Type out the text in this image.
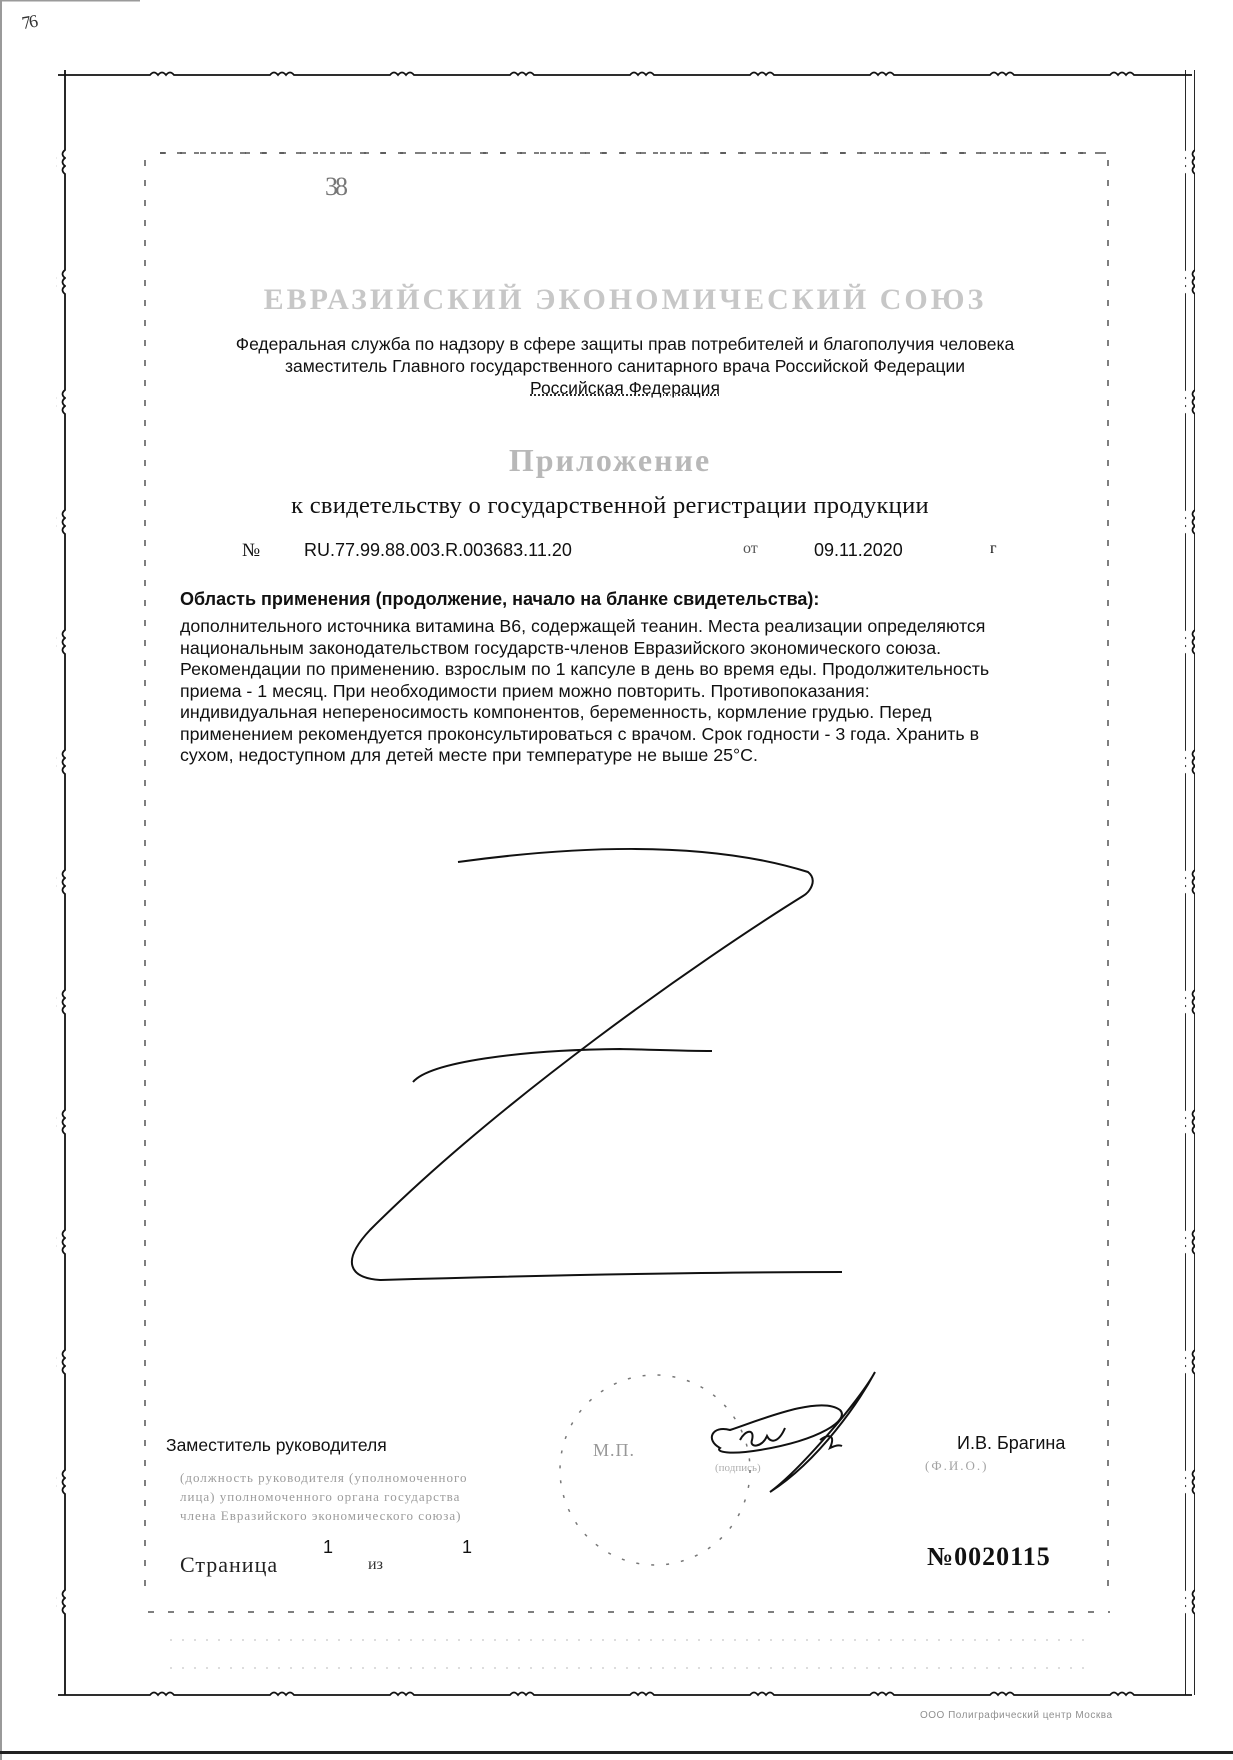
76
38
ЕВРАЗИЙСКИЙ ЭКОНОМИЧЕСКИЙ СОЮЗ
Федеральная служба по надзору в сфере защиты прав потребителей и благополучия человека
заместитель Главного государственного санитарного врача Российской Федерации
Российская Федерация
Приложение
к свидетельству о государственной регистрации продукции
№ RU.77.99.88.003.R.003683.11.20	от	09.11.2020	г
Область применения (продолжение, начало на бланке свидетельства):
дополнительного источника витамина B6, содержащей теанин. Места реализации определяются
национальным законодательством государств-членов Евразийского экономического союза.
Рекомендации по применению. взрослым по 1 капсуле в день во время еды. Продолжительность
приема - 1 месяц. При необходимости прием можно повторить. Противопоказания:
индивидуальная непереносимость компонентов, беременность, кормление грудью. Перед
применением рекомендуется проконсультироваться с врачом. Срок годности - 3 года. Хранить в
сухом, недоступном для детей месте при температуре не выше 25°C.
Заместитель руководителя
(должность руководителя (уполномоченного
лица) уполномоченного органа государства
члена Евразийского экономического союза)
М.П.
(подпись)
И.В. Брагина
(Ф.И.О.)
Страница
1
из
1	№0020115
ООО Полиграфический центр Москва
